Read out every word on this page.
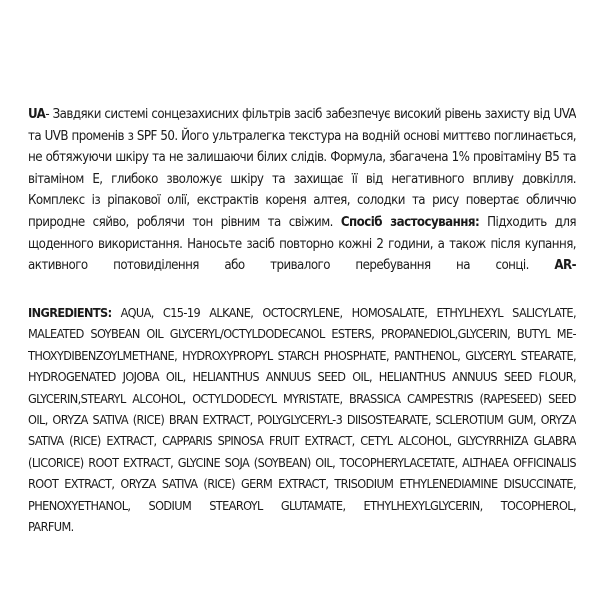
UA- Завдяки системі сонцезахисних фільтрів засіб забезпечує високий рівень захисту від UVA
та UVB променів з SPF 50. Його ультралегка текстура на водній основі миттєво поглинається,
не обтяжуючи шкіру та не залишаючи білих слідів. Формула, збагачена 1% провітаміну B5 та
вітаміном Е, глибоко зволожує шкіру та захищає її від негативного впливу довкілля.
Комплекс із ріпакової олії, екстрактів кореня алтея, солодки та рису повертає обличчю
природне сяйво, роблячи тон рівним та свіжим. Спосіб застосування: Підходить для
щоденного використання. Наносьте засіб повторно кожні 2 години, а також після купання,
активного потовиділення або тривалого перебування на сонці. AR-
INGREDIENTS: AQUA, C15-19 ALKANE, OCTOCRYLENE, HOMOSALATE, ETHYLHEXYL SALICYLATE,
MALEATED SOYBEAN OIL GLYCERYL/OCTYLDODECANOL ESTERS, PROPANEDIOL,GLYCERIN, BUTYL ME-
THOXYDIBENZOYLMETHANE, HYDROXYPROPYL STARCH PHOSPHATE, PANTHENOL, GLYCERYL STEARATE,
HYDROGENATED JOJOBA OIL, HELIANTHUS ANNUUS SEED OIL, HELIANTHUS ANNUUS SEED FLOUR,
GLYCERIN,STEARYL ALCOHOL, OCTYLDODECYL MYRISTATE, BRASSICA CAMPESTRIS (RAPESEED) SEED
OIL, ORYZA SATIVA (RICE) BRAN EXTRACT, POLYGLYCERYL-3 DIISOSTEARATE, SCLEROTIUM GUM, ORYZA
SATIVA (RICE) EXTRACT, CAPPARIS SPINOSA FRUIT EXTRACT, CETYL ALCOHOL, GLYCYRRHIZA GLABRA
(LICORICE) ROOT EXTRACT, GLYCINE SOJA (SOYBEAN) OIL, TOCOPHERYLACETATE, ALTHAEA OFFICINALIS
ROOT EXTRACT, ORYZA SATIVA (RICE) GERM EXTRACT, TRISODIUM ETHYLENEDIAMINE DISUCCINATE,
PHENOXYETHANOL, SODIUM STEAROYL GLUTAMATE, ETHYLHEXYLGLYCERIN, TOCOPHEROL,
PARFUM.
